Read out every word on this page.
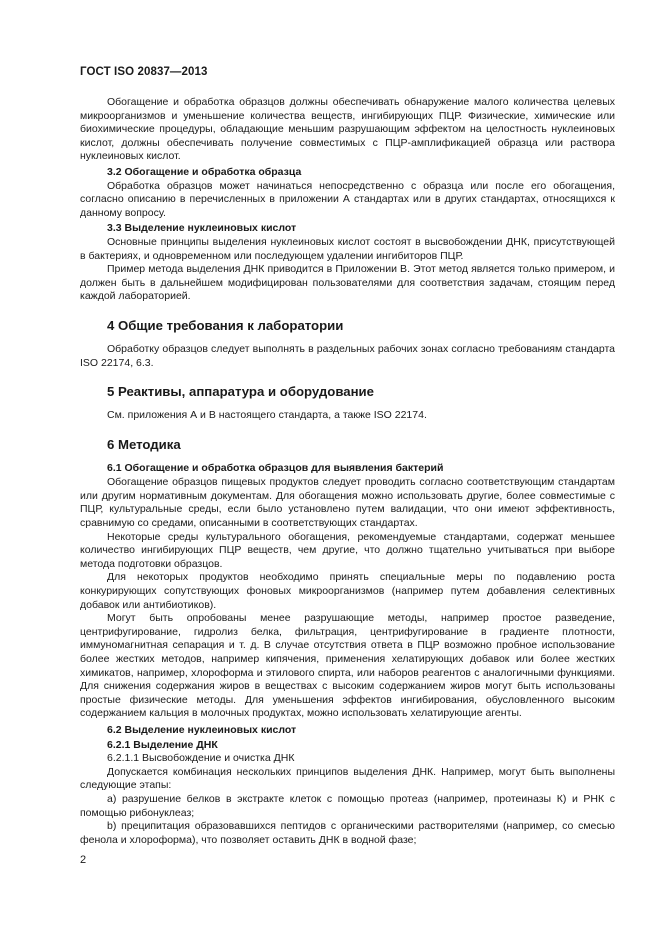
ГОСТ ISO 20837—2013

Обогащение и обработка образцов должны обеспечивать обнаружение малого количества целевых микроорганизмов и уменьшение количества веществ, ингибирующих ПЦР. Физические, химические или биохимические процедуры, обладающие меньшим разрушающим эффектом на целостность нуклеиновых кислот, должны обеспечивать получение совместимых с ПЦР-амплификацией образца или раствора нуклеиновых кислот.

3.2 Обогащение и обработка образца

Обработка образцов может начинаться непосредственно с образца или после его обогащения, согласно описанию в перечисленных в приложении А стандартах или в других стандартах, относящихся к данному вопросу.

3.3 Выделение нуклеиновых кислот

Основные принципы выделения нуклеиновых кислот состоят в высвобождении ДНК, присутствующей в бактериях, и одновременном или последующем удалении ингибиторов ПЦР.

Пример метода выделения ДНК приводится в Приложении В. Этот метод является только примером, и должен быть в дальнейшем модифицирован пользователями для соответствия задачам, стоящим перед каждой лабораторией.

4 Общие требования к лаборатории

Обработку образцов следует выполнять в раздельных рабочих зонах согласно требованиям стандарта ISO 22174, 6.3.

5 Реактивы, аппаратура и оборудование

См. приложения А и В настоящего стандарта, а также ISO 22174.

6 Методика
6.1 Обогащение и обработка образцов для выявления бактерий

Обогащение образцов пищевых продуктов следует проводить согласно соответствующим стандартам или другим нормативным документам. Для обогащения можно использовать другие, более совместимые с ПЦР, культуральные среды, если было установлено путем валидации, что они имеют эффективность, сравнимую со средами, описанными в соответствующих стандартах.

Некоторые среды культурального обогащения, рекомендуемые стандартами, содержат меньшее количество ингибирующих ПЦР веществ, чем другие, что должно тщательно учитываться при выборе метода подготовки образцов.

Для некоторых продуктов необходимо принять специальные меры по подавлению роста конкурирующих сопутствующих фоновых микроорганизмов (например путем добавления селективных добавок или антибиотиков).

Могут быть опробованы менее разрушающие методы, например простое разведение, центрифугирование, гидролиз белка, фильтрация, центрифугирование в градиенте плотности, иммуномагнитная сепарация и т. д. В случае отсутствия ответа в ПЦР возможно пробное использование более жестких методов, например кипячения, применения хелатирующих добавок или более жестких химикатов, например, хлороформа и этилового спирта, или наборов реагентов с аналогичными функциями. Для снижения содержания жиров в веществах с высоким содержанием жиров могут быть использованы простые физические методы. Для уменьшения эффектов ингибирования, обусловленного высоким содержанием кальция в молочных продуктах, можно использовать хелатирующие агенты.

6.2 Выделение нуклеиновых кислот
6.2.1 Выделение ДНК
6.2.1.1 Высвобождение и очистка ДНК

Допускается комбинация нескольких принципов выделения ДНК. Например, могут быть выполнены следующие этапы:

a) разрушение белков в экстракте клеток с помощью протеаз (например, протеиназы К) и РНК с помощью рибонуклеаз;

b) преципитация образовавшихся пептидов с органическими растворителями (например, со смесью фенола и хлороформа), что позволяет оставить ДНК в водной фазе;

2
